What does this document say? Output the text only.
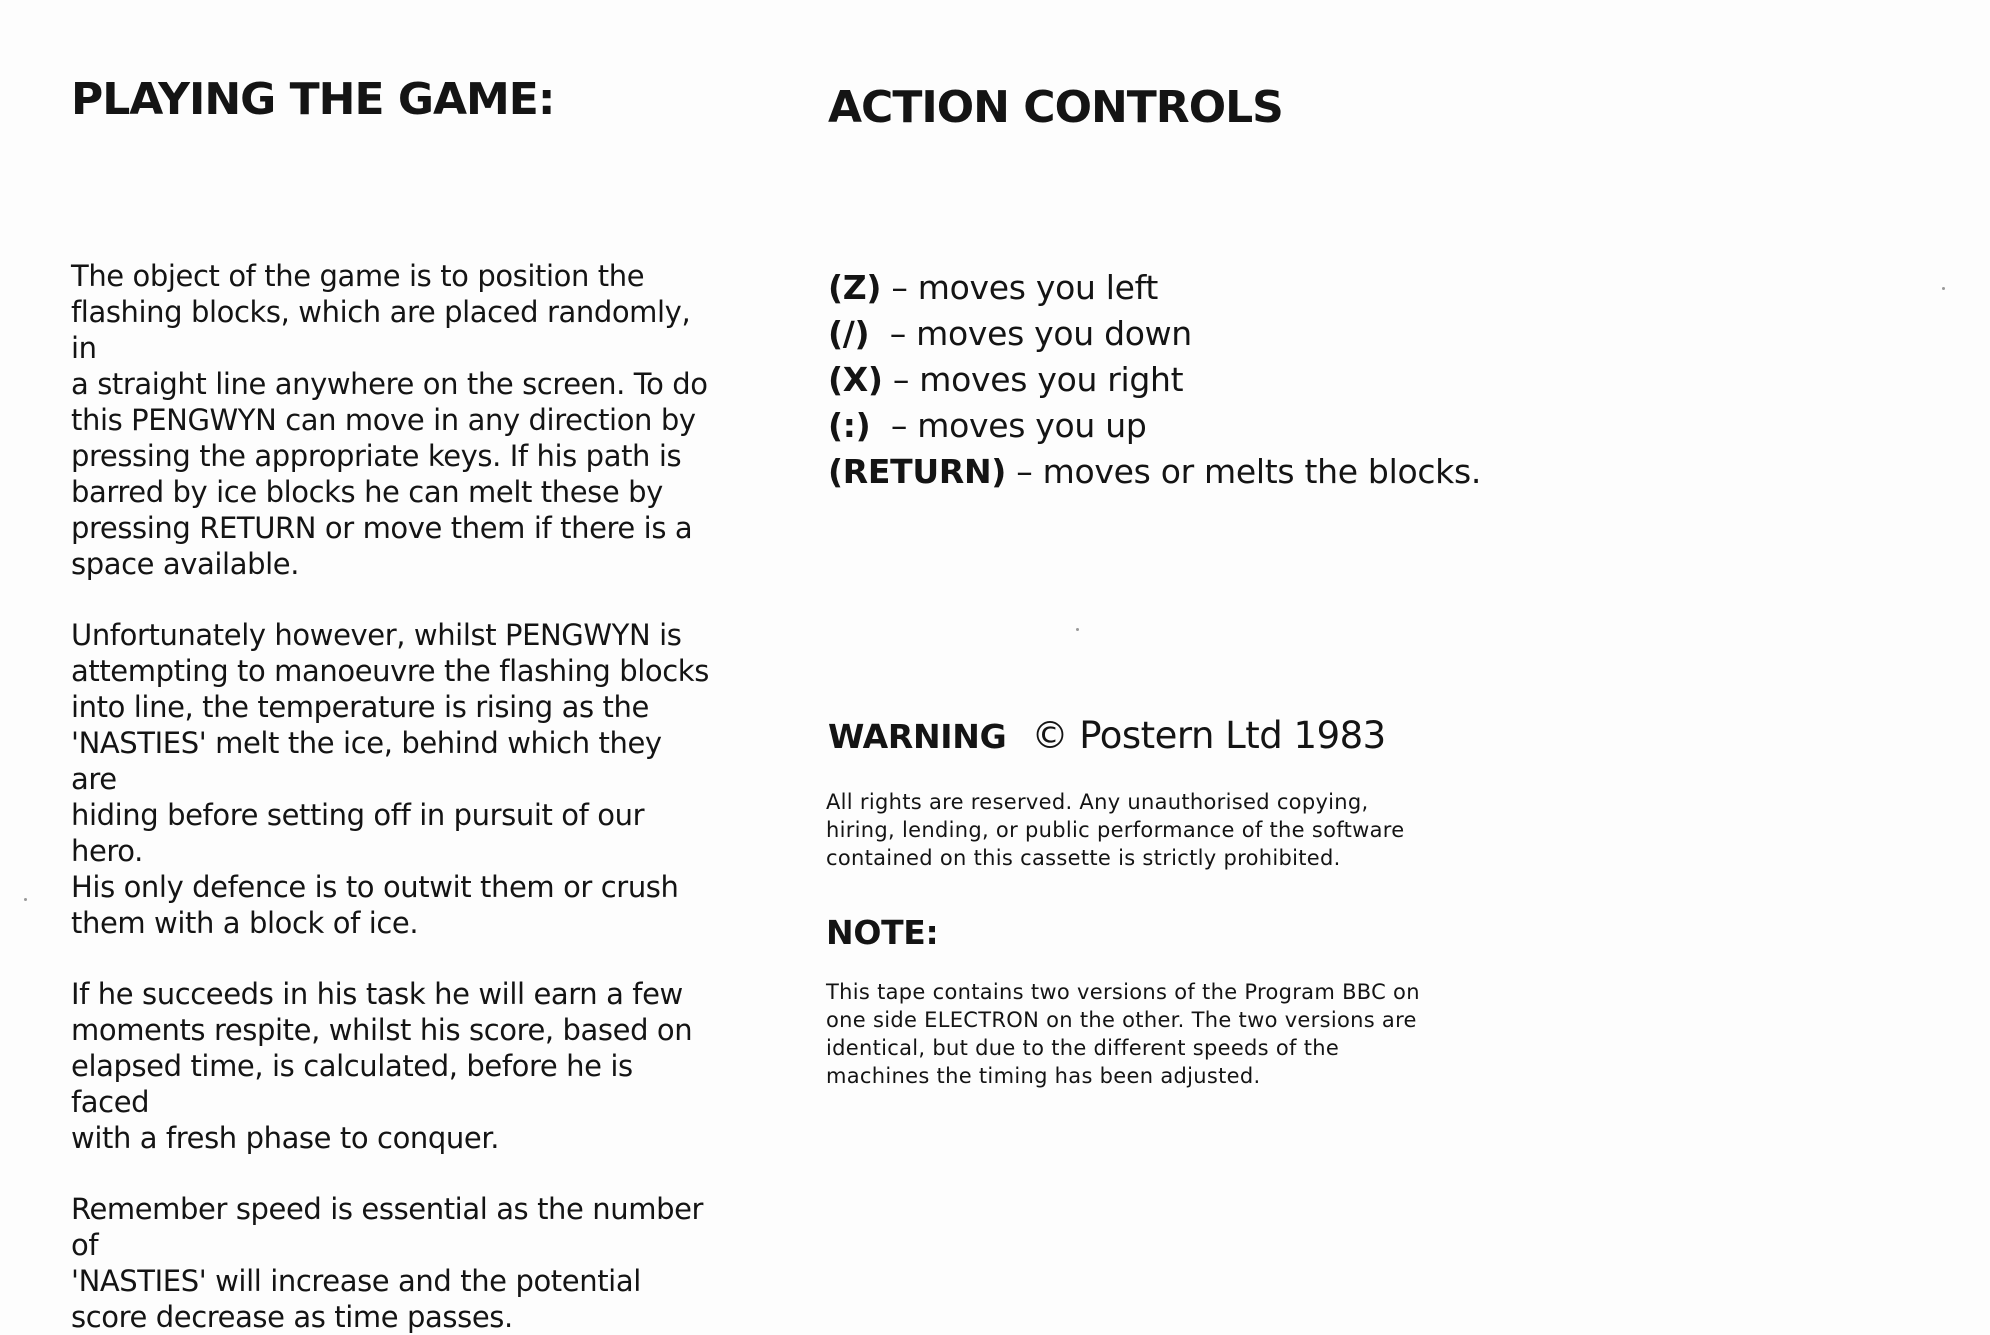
PLAYING THE GAME:

The object of the game is to position the

flashing blocks, which are placed randomly, in

a straight line anywhere on the screen. To do

this PENGWYN can move in any direction by

pressing the appropriate keys. If his path is

barred by ice blocks he can melt these by

pressing RETURN or move them if there is a

space available.

Unfortunately however, whilst PENGWYN is

attempting to manoeuvre the flashing blocks

into line, the temperature is rising as the

'NASTIES' melt the ice, behind which they are

hiding before setting off in pursuit of our hero.

His only defence is to outwit them or crush

them with a block of ice.

If he succeeds in his task he will earn a few

moments respite, whilst his score, based on

elapsed time, is calculated, before he is faced

with a fresh phase to conquer.

Remember speed is essential as the number of

'NASTIES' will increase and the potential

score decrease as time passes.

ACTION CONTROLS
(Z) – moves you left
(/)  – moves you down
(X) – moves you right
(:)  – moves you up
(RETURN) – moves or melts the blocks.
WARNING © Postern Ltd 1983
All rights are reserved. Any unauthorised copying,
hiring, lending, or public performance of the software
contained on this cassette is strictly prohibited.
NOTE:
This tape contains two versions of the Program BBC on
one side ELECTRON on the other. The two versions are
identical, but due to the different speeds of the
machines the timing has been adjusted.
